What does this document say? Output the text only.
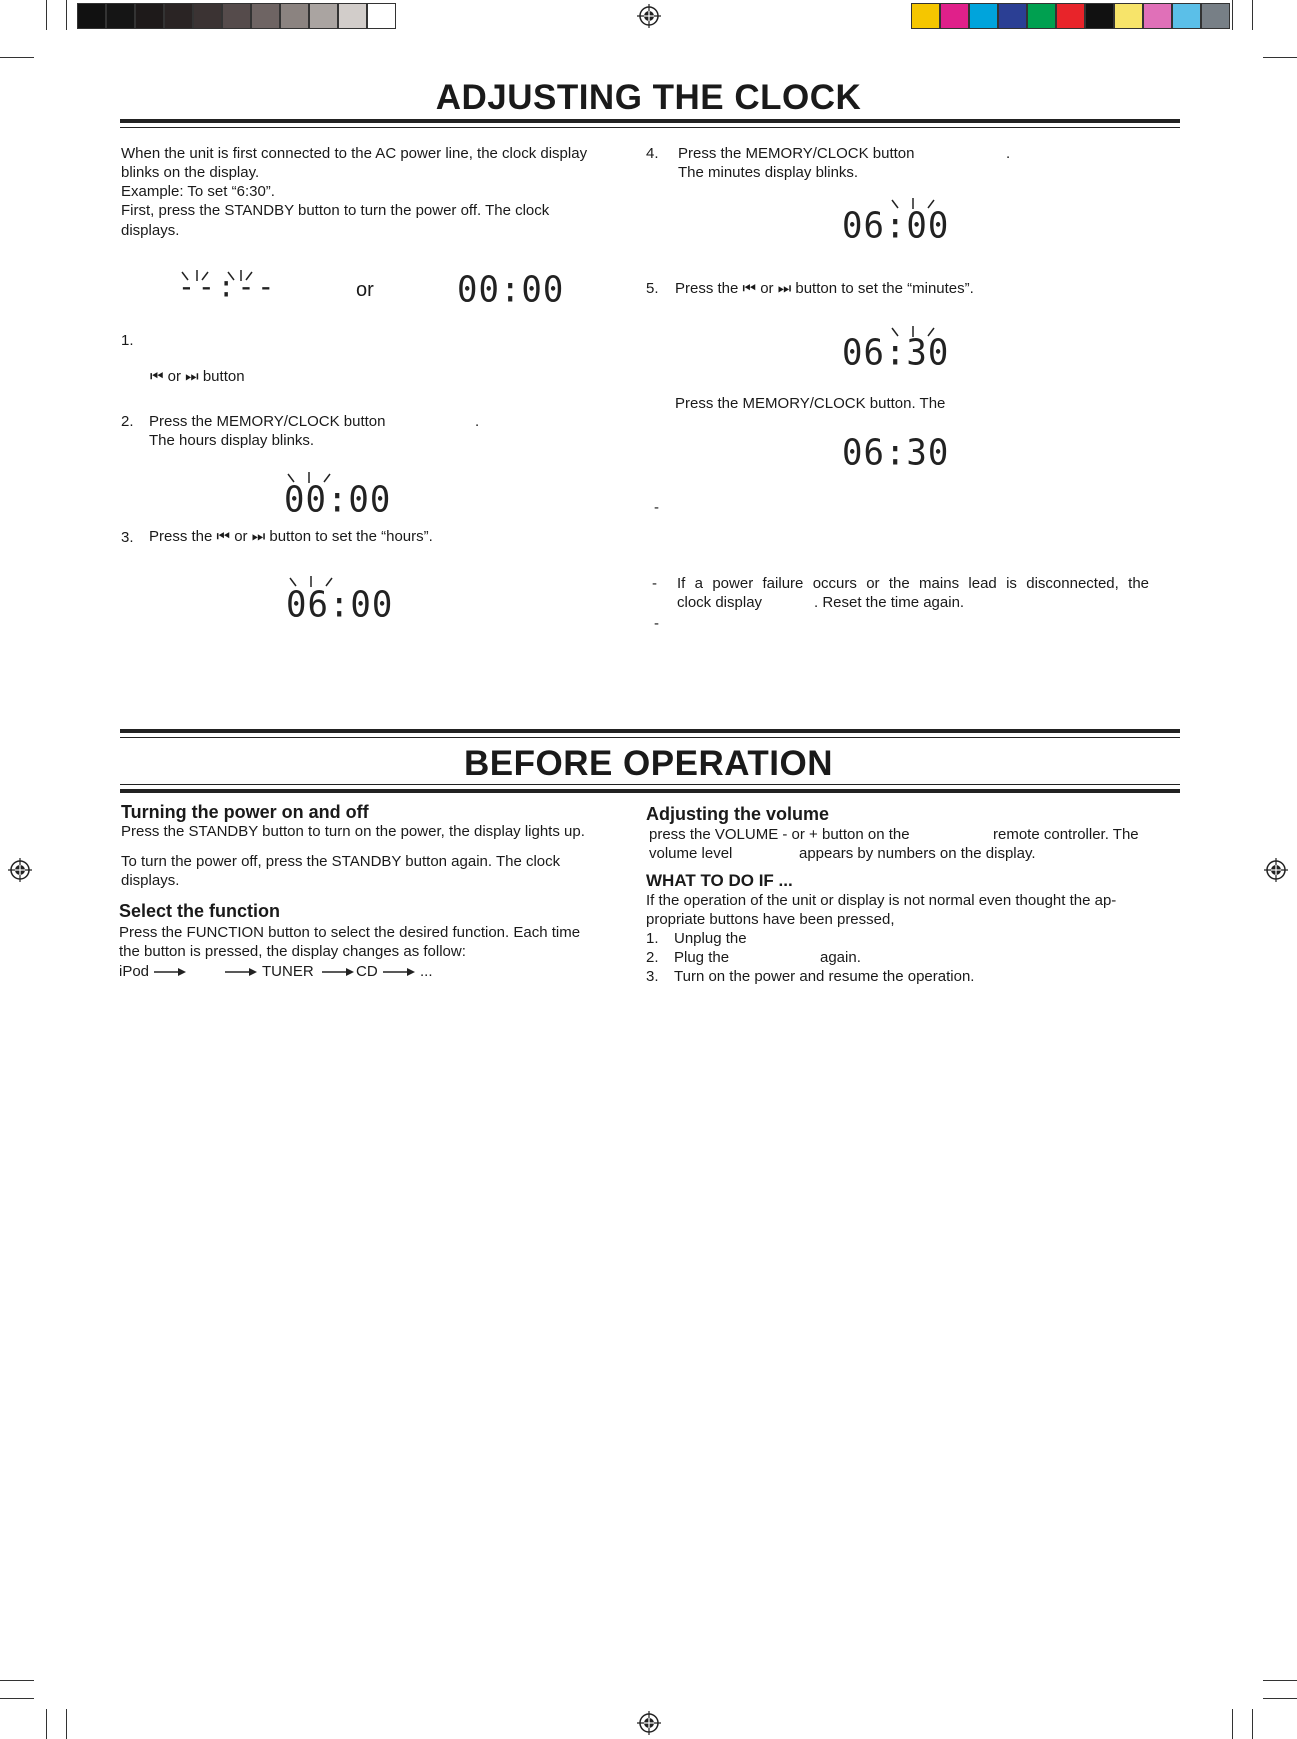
ADJUSTING THE CLOCK
When the unit is first connected to the AC power line, the clock display
blinks on the display.
Example: To set “6:30”.
First, press the STANDBY button to turn the power off. The clock
displays.
--:--	or 00:00
1.
⏮ or ⏭ button
2. Press the MEMORY/CLOCK button	.
The hours display blinks.
00:00
3. Press the ⏮ or ⏭ button to set the “hours”.
06:00
4. Press the MEMORY/CLOCK button	.
The minutes display blinks.
06:00
5. Press the ⏮ or ⏭ button to set the “minutes”.
06:30
Press the MEMORY/CLOCK button. The
06:30
-
- If a power failure occurs or the mains lead is disconnected, the
clock display	. Reset the time again.
-
BEFORE OPERATION
Turning the power on and off
Press the STANDBY button to turn on the power, the display lights up.
To turn the power off, press the STANDBY button again. The clock
displays.
Select the function
Press the FUNCTION button to select the desired function. Each time
the button is pressed, the display changes as follow:
iPod	TUNER	CD	...
Adjusting the volume
press the VOLUME - or + button on the	remote controller. The
volume level	appears by numbers on the display.
WHAT TO DO IF ...
If the operation of the unit or display is not normal even thought the ap-
propriate buttons have been pressed,
1. Unplug the
2. Plug the	again.
3. Turn on the power and resume the operation.
